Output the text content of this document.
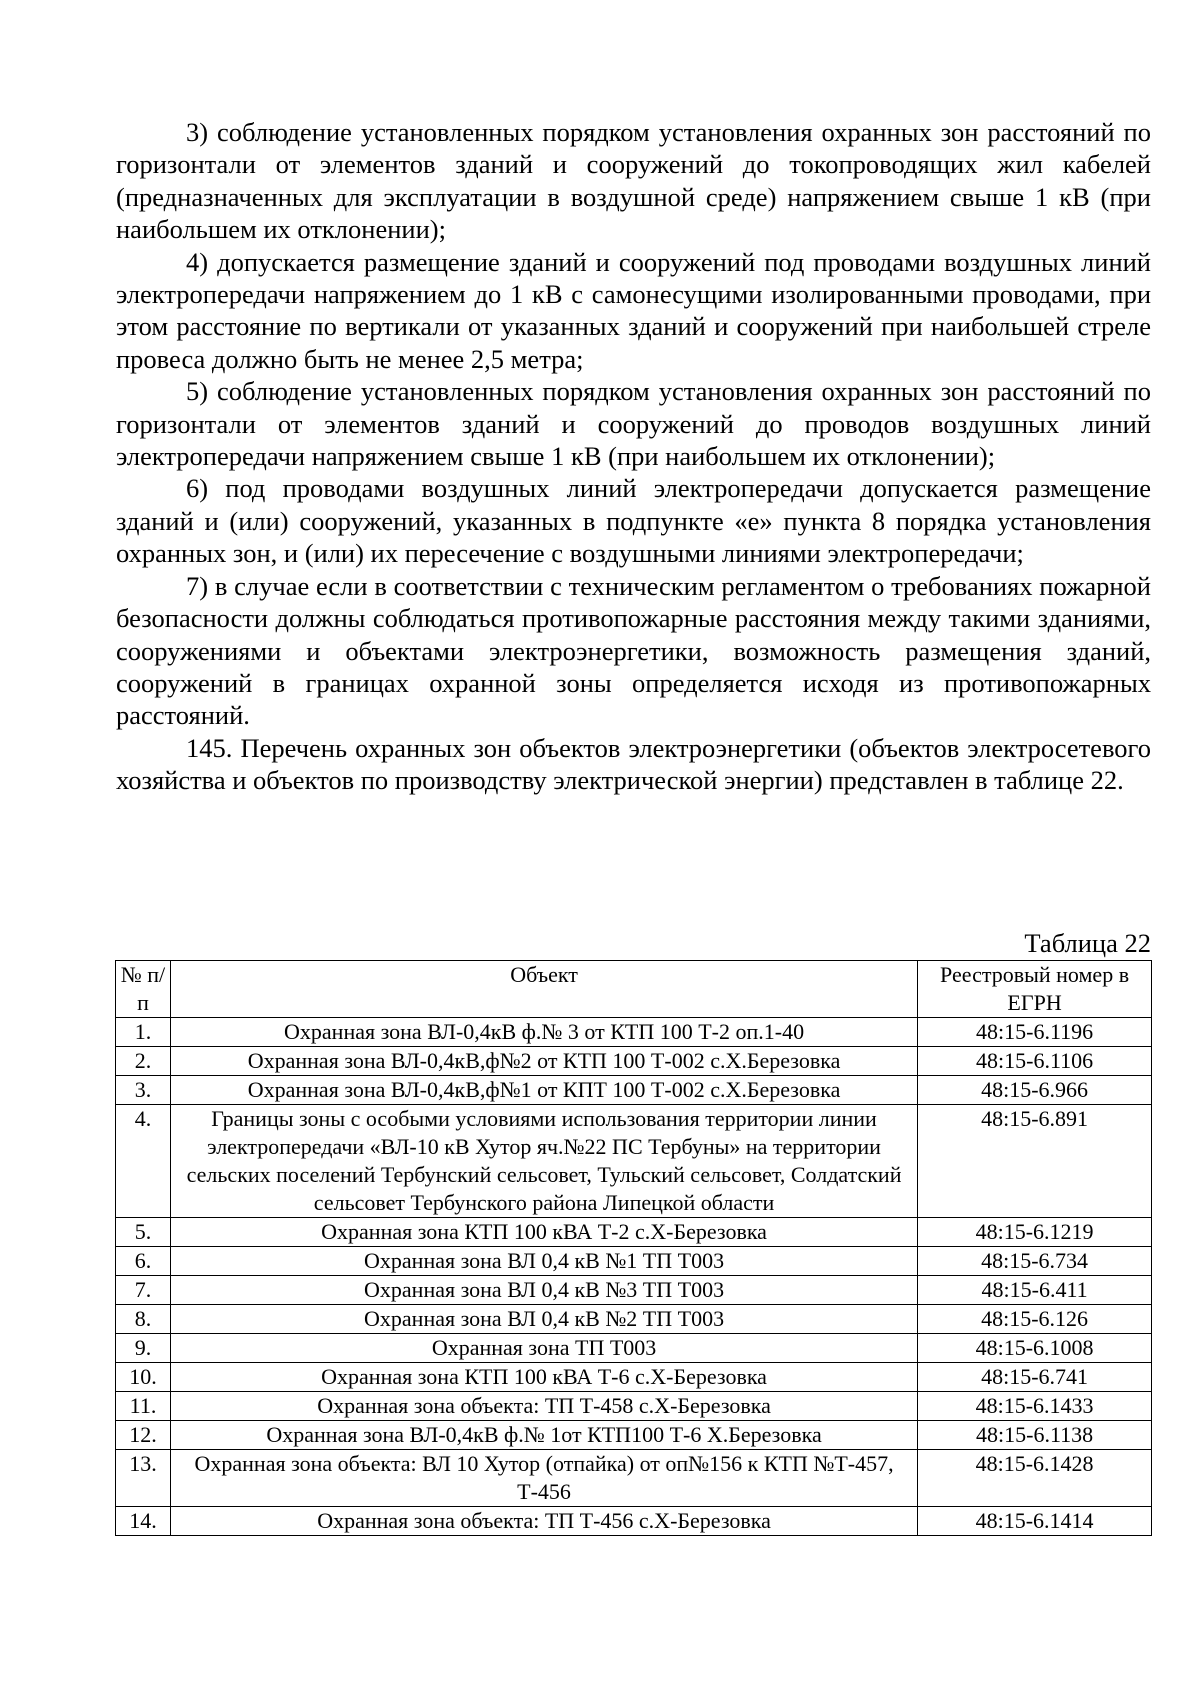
3) соблюдение установленных порядком установления охранных зон расстояний по горизонтали от элементов зданий и сооружений до токопроводящих жил кабелей (предназначенных для эксплуатации в воздушной среде) напряжением свыше 1 кВ (при наибольшем их отклонении);

4) допускается размещение зданий и сооружений под проводами воздушных линий электропередачи напряжением до 1 кВ с самонесущими изолированными проводами, при этом расстояние по вертикали от указанных зданий и сооружений при наибольшей стреле провеса должно быть не менее 2,5 метра;

5) соблюдение установленных порядком установления охранных зон расстояний по горизонтали от элементов зданий и сооружений до проводов воздушных линий электропередачи напряжением свыше 1 кВ (при наибольшем их отклонении);

6) под проводами воздушных линий электропередачи допускается размещение зданий и (или) сооружений, указанных в подпункте «е» пункта 8 порядка установления охранных зон, и (или) их пересечение с воздушными линиями электропередачи;

7) в случае если в соответствии с техническим регламентом о требованиях пожарной безопасности должны соблюдаться противопожарные расстояния между такими зданиями, сооружениями и объектами электроэнергетики, возможность размещения зданий, сооружений в границах охранной зоны определяется исходя из противопожарных расстояний.

145. Перечень охранных зон объектов электроэнергетики (объектов электросетевого хозяйства и объектов по производству электрической энергии) представлен в таблице 22.

Таблица 22
№ п/п	Объект	Реестровый номер в ЕГРН
1.	Охранная зона ВЛ-0,4кВ ф.№ 3 от КТП 100 Т-2 оп.1-40	48:15-6.1196
2.	Охранная зона ВЛ-0,4кВ,ф№2 от КТП 100 Т-002 с.Х.Березовка	48:15-6.1106
3.	Охранная зона ВЛ-0,4кВ,ф№1 от КПТ 100 Т-002 с.Х.Березовка	48:15-6.966
4.	Границы зоны с особыми условиями использования территории линии электропередачи «ВЛ-10 кВ Хутор яч.№22 ПС Тербуны» на территории сельских поселений Тербунский сельсовет, Тульский сельсовет, Солдатский сельсовет Тербунского района Липецкой области	48:15-6.891
5.	Охранная зона КТП 100 кВА Т-2 с.Х-Березовка	48:15-6.1219
6.	Охранная зона ВЛ 0,4 кВ №1 ТП Т003	48:15-6.734
7.	Охранная зона ВЛ 0,4 кВ №3 ТП Т003	48:15-6.411
8.	Охранная зона ВЛ 0,4 кВ №2 ТП Т003	48:15-6.126
9.	Охранная зона ТП Т003	48:15-6.1008
10.	Охранная зона КТП 100 кВА Т-6 с.Х-Березовка	48:15-6.741
11.	Охранная зона объекта: ТП Т-458 с.Х-Березовка	48:15-6.1433
12.	Охранная зона ВЛ-0,4кВ ф.№ 1от КТП100 Т-6 Х.Березовка	48:15-6.1138
13.	Охранная зона объекта: ВЛ 10 Хутор (отпайка) от оп№156 к КТП №Т-457, Т-456	48:15-6.1428
14.	Охранная зона объекта: ТП Т-456 с.Х-Березовка	48:15-6.1414
